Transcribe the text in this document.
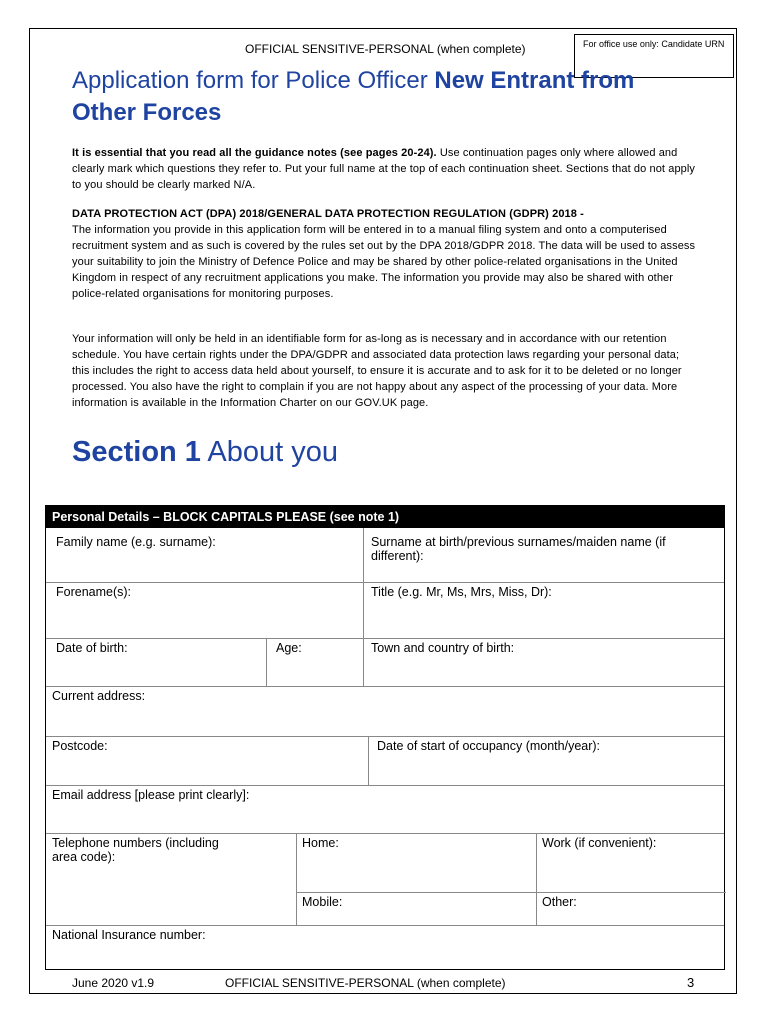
OFFICIAL SENSITIVE-PERSONAL (when complete)	For office use only: Candidate URN
Application form for Police Officer New Entrant from Other Forces

It is essential that you read all the guidance notes (see pages 20-24). Use continuation pages only where allowed and clearly mark which questions they refer to. Put your full name at the top of each continuation sheet. Sections that do not apply to you should be clearly marked N/A.

DATA PROTECTION ACT (DPA) 2018/GENERAL DATA PROTECTION REGULATION (GDPR) 2018 -
The information you provide in this application form will be entered in to a manual filing system and onto a computerised recruitment system and as such is covered by the rules set out by the DPA 2018/GDPR 2018. The data will be used to assess your suitability to join the Ministry of Defence Police and may be shared by other police-related organisations in the United Kingdom in respect of any recruitment applications you make. The information you provide may also be shared with other police-related organisations for monitoring purposes.

Your information will only be held in an identifiable form for as-long as is necessary and in accordance with our retention schedule. You have certain rights under the DPA/GDPR and associated data protection laws regarding your personal data; this includes the right to access data held about yourself, to ensure it is accurate and to ask for it to be deleted or no longer processed. You also have the right to complain if you are not happy about any aspect of the processing of your data. More information is available in the Information Charter on our GOV.UK page.

Section 1 About you
Personal Details – BLOCK CAPITALS PLEASE (see note 1)
Family name (e.g. surname):	Surname at birth/previous surnames/maiden name (if different):
Forename(s):	Title (e.g. Mr, Ms, Mrs, Miss, Dr):
Date of birth:	Age:	Town and country of birth:
Current address:
Postcode:	Date of start of occupancy (month/year):
Email address [please print clearly]:
Telephone numbers (including area code):
Home:	Work (if convenient):
Mobile:	Other:
National Insurance number:
June 2020 v1.9	OFFICIAL SENSITIVE-PERSONAL (when complete)	3
